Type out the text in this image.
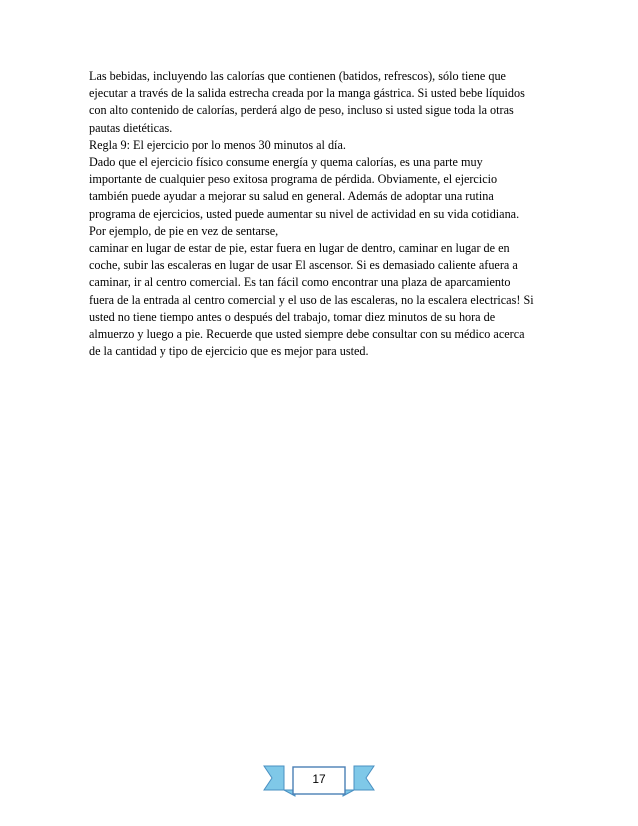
Las bebidas, incluyendo las calorías que contienen (batidos, refrescos), sólo tiene que
ejecutar a través de la salida estrecha creada por la manga gástrica. Si usted bebe líquidos
con alto contenido de calorías, perderá algo de peso, incluso si usted sigue toda la otras
pautas dietéticas.
Regla 9: El ejercicio por lo menos 30 minutos al día.
Dado que el ejercicio físico consume energía y quema calorías, es una parte muy
importante de cualquier peso exitosa programa de pérdida. Obviamente, el ejercicio
también puede ayudar a mejorar su salud en general. Además de adoptar una rutina
programa de ejercicios, usted puede aumentar su nivel de actividad en su vida cotidiana.
Por ejemplo, de pie en vez de sentarse,
caminar en lugar de estar de pie, estar fuera en lugar de dentro, caminar en lugar de en
coche, subir las escaleras en lugar de usar El ascensor. Si es demasiado caliente afuera a
caminar, ir al centro comercial. Es tan fácil como encontrar una plaza de aparcamiento
fuera de la entrada al centro comercial y el uso de las escaleras, no la escalera electricas! Si
usted no tiene tiempo antes o después del trabajo, tomar diez minutos de su hora de
almuerzo y luego a pie. Recuerde que usted siempre debe consultar con su médico acerca
de la cantidad y tipo de ejercicio que es mejor para usted.
17
